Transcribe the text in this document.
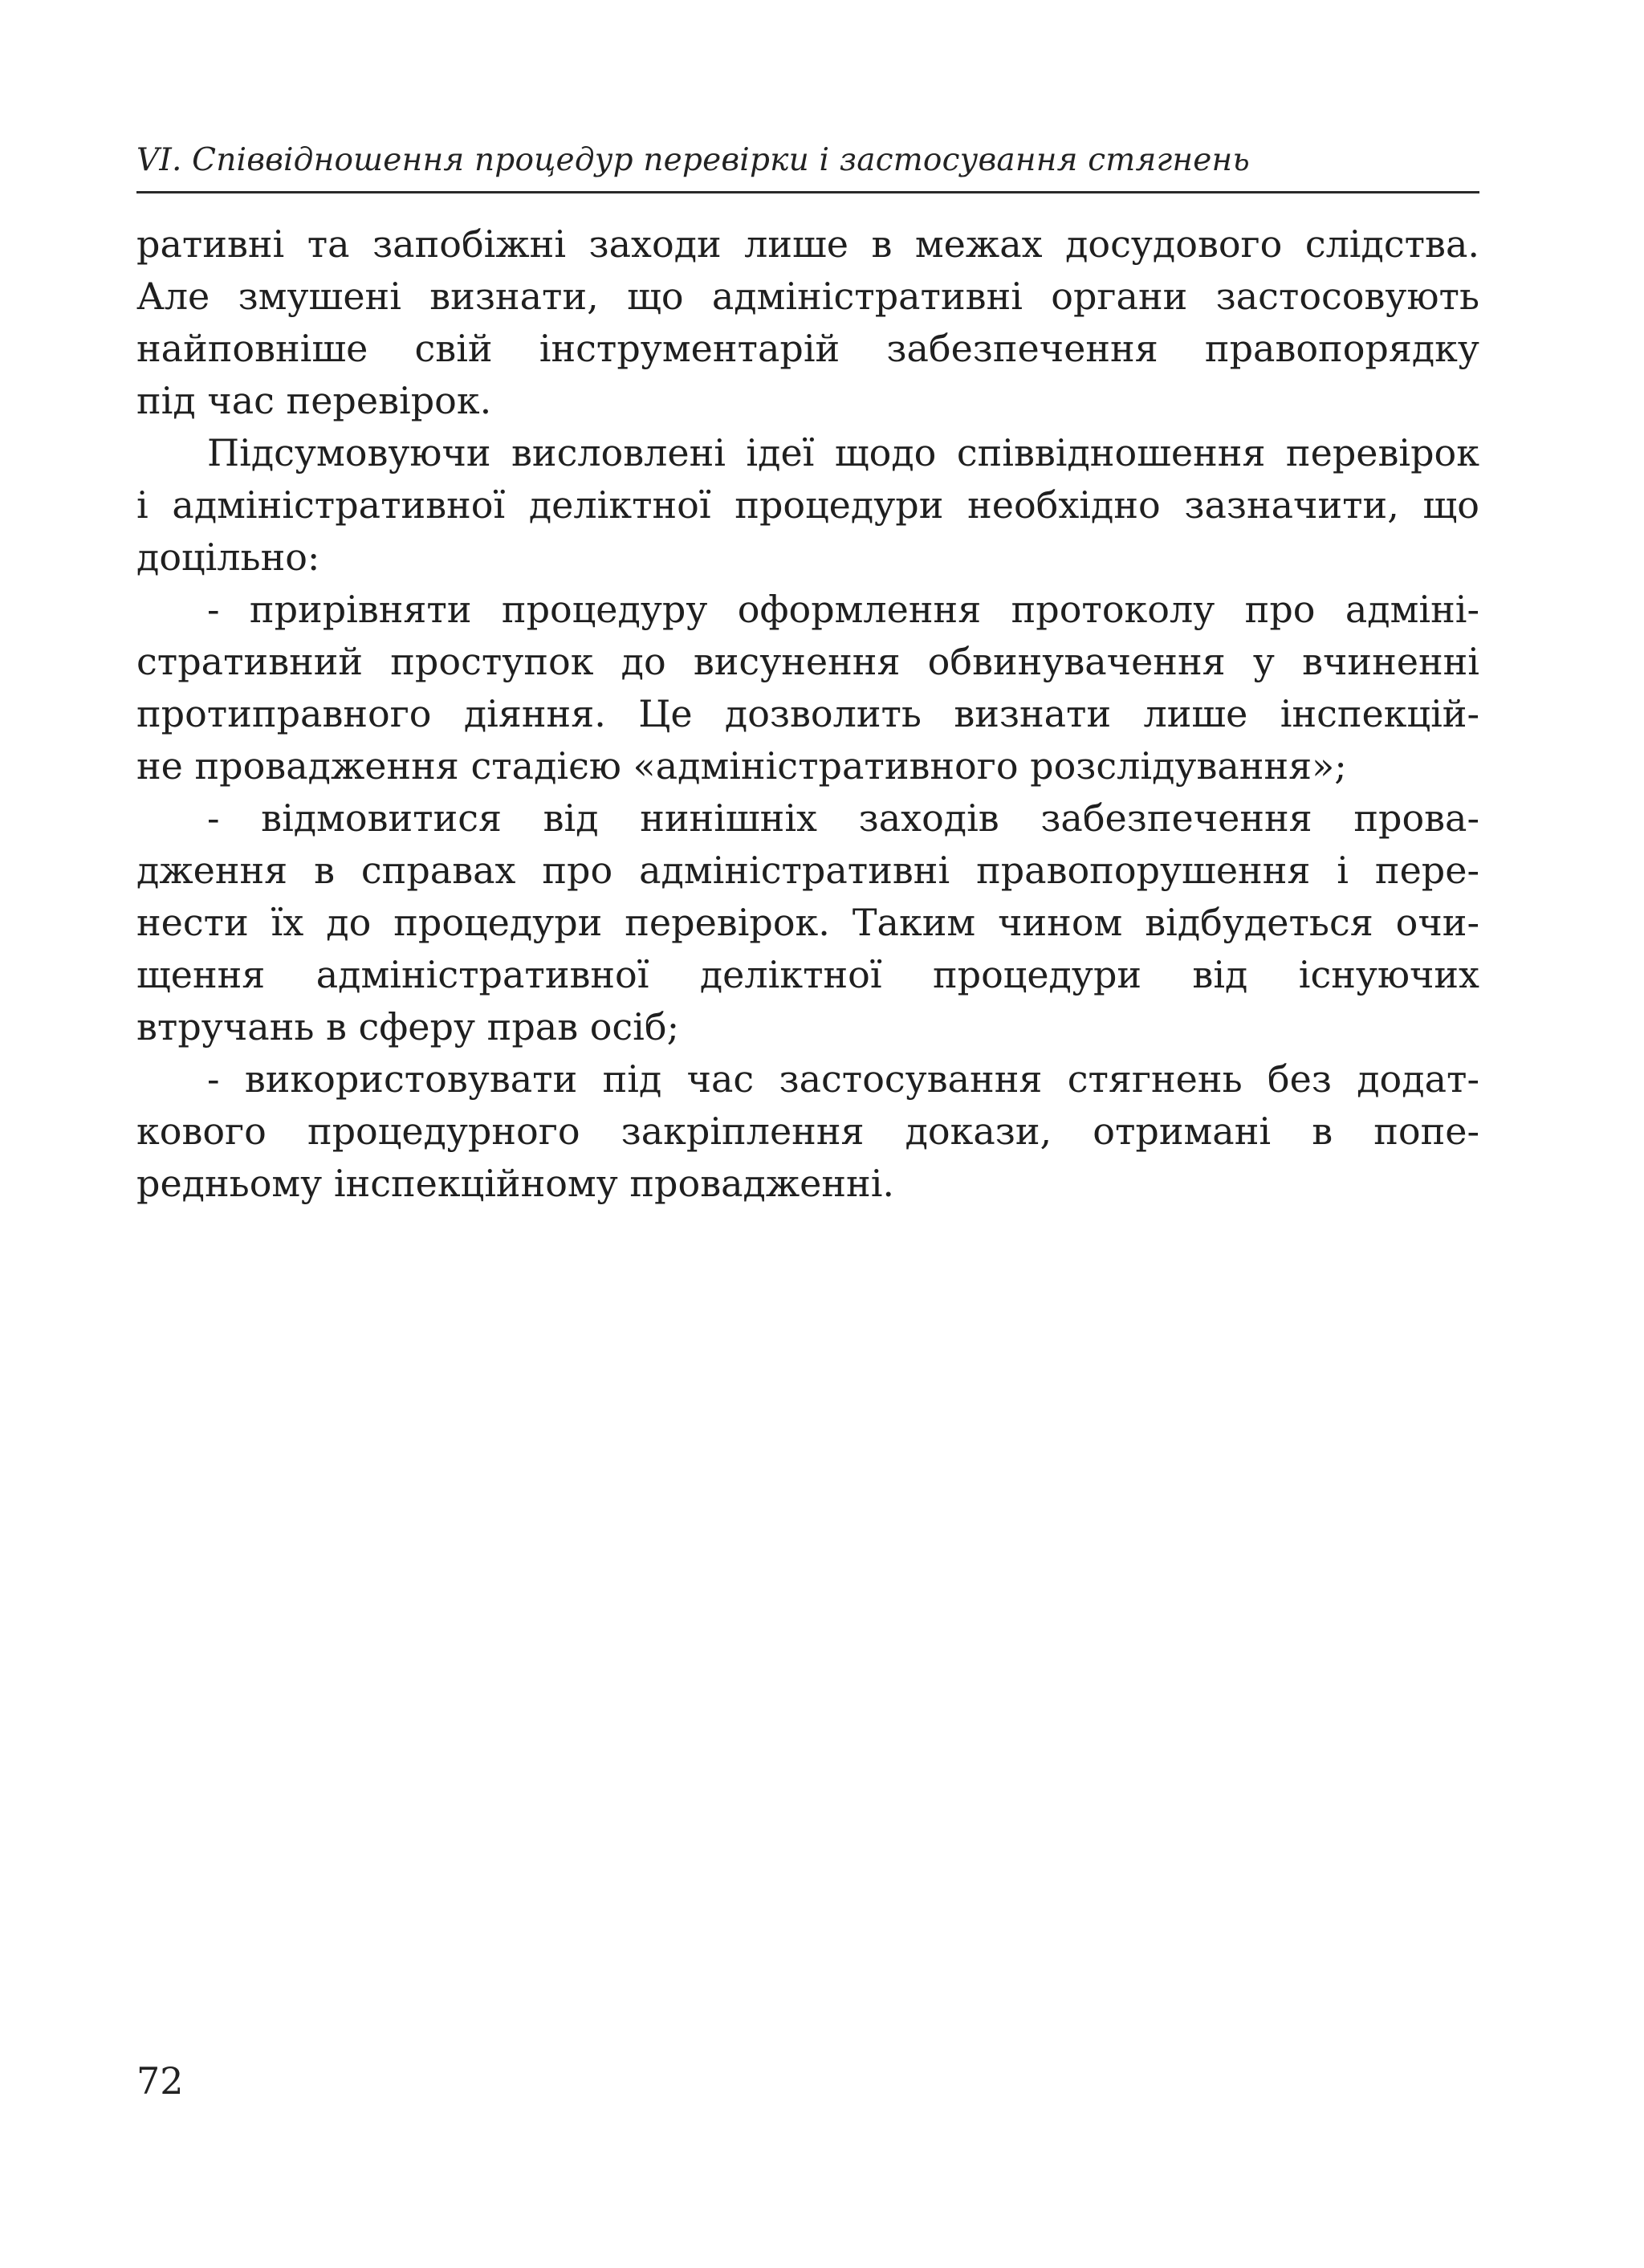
VI. Співвідношення процедур перевірки і застосування стягнень
ративні та запобіжні заходи лише в межах досудового слідства.
Але змушені визнати, що адміністративні органи застосовують
найповніше свій інструментарій забезпечення правопорядку
під час перевірок.
Підсумовуючи висловлені ідеї щодо співвідношення перевірок
і адміністративної деліктної процедури необхідно зазначити, що
доцільно:
- прирівняти процедуру оформлення протоколу про адміні-
стративний проступок до висунення обвинувачення у вчиненні
протиправного діяння. Це дозволить визнати лише інспекцій-
не провадження стадією «адміністративного розслідування»;
- відмовитися від нинішніх заходів забезпечення прова-
дження в справах про адміністративні правопорушення і пере-
нести їх до процедури перевірок. Таким чином відбудеться очи-
щення адміністративної деліктної процедури від існуючих
втручань в сферу прав осіб;
- використовувати під час застосування стягнень без додат-
кового процедурного закріплення докази, отримані в попе-
редньому інспекційному провадженні.
72
